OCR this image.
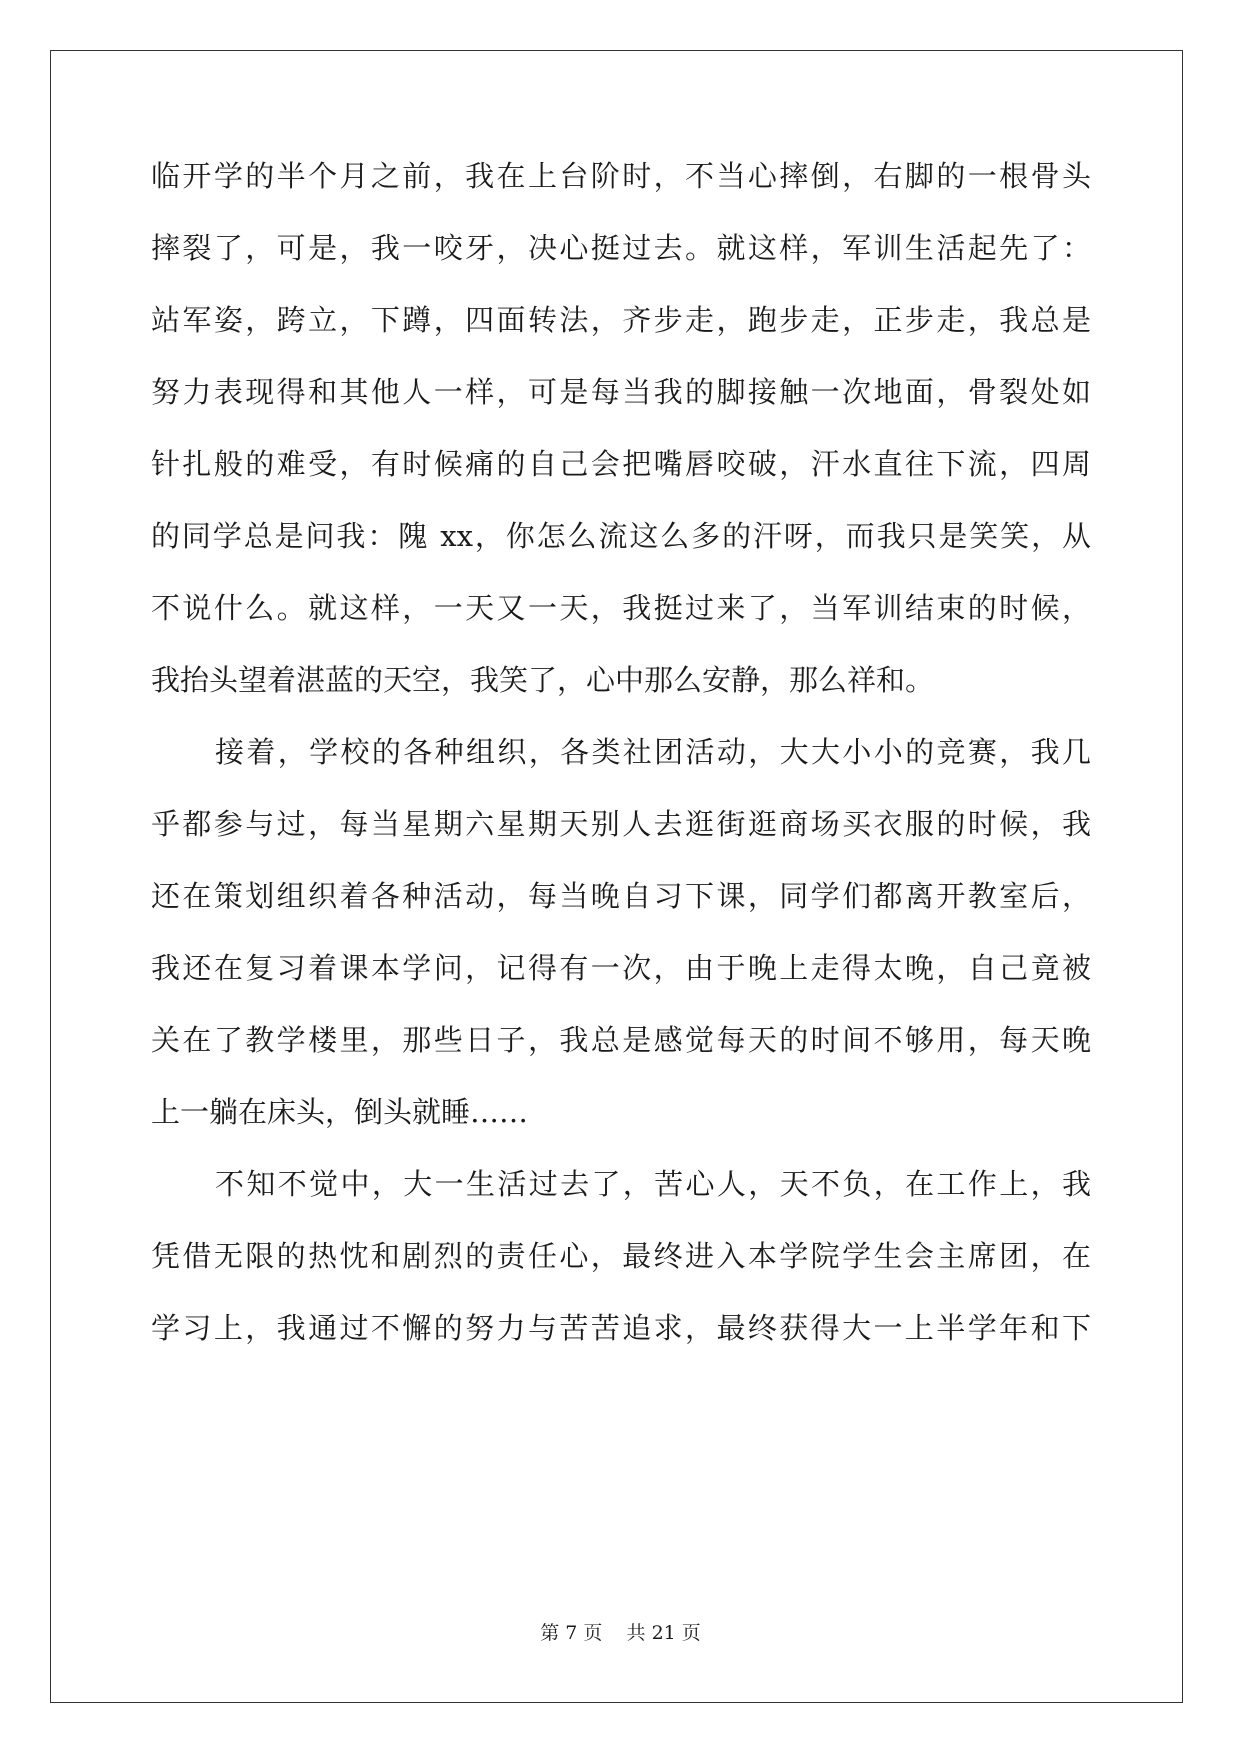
临开学的半个月之前，我在上台阶时，不当心摔倒，右脚的一根骨头
摔裂了，可是，我一咬牙，决心挺过去。就这样，军训生活起先了：
站军姿，跨立，下蹲，四面转法，齐步走，跑步走，正步走，我总是
努力表现得和其他人一样，可是每当我的脚接触一次地面，骨裂处如
针扎般的难受，有时候痛的自己会把嘴唇咬破，汗水直往下流，四周
的同学总是问我：隗 xx，你怎么流这么多的汗呀，而我只是笑笑，从
不说什么。就这样，一天又一天，我挺过来了，当军训结束的时候，
我抬头望着湛蓝的天空，我笑了，心中那么安静，那么祥和。
接着，学校的各种组织，各类社团活动，大大小小的竞赛，我几
乎都参与过，每当星期六星期天别人去逛街逛商场买衣服的时候，我
还在策划组织着各种活动，每当晚自习下课，同学们都离开教室后，
我还在复习着课本学问，记得有一次，由于晚上走得太晚，自己竟被
关在了教学楼里，那些日子，我总是感觉每天的时间不够用，每天晚
上一躺在床头，倒头就睡……
不知不觉中，大一生活过去了，苦心人，天不负，在工作上，我
凭借无限的热忱和剧烈的责任心，最终进入本学院学生会主席团，在
学习上，我通过不懈的努力与苦苦追求，最终获得大一上半学年和下
第 7 页 共 21 页
